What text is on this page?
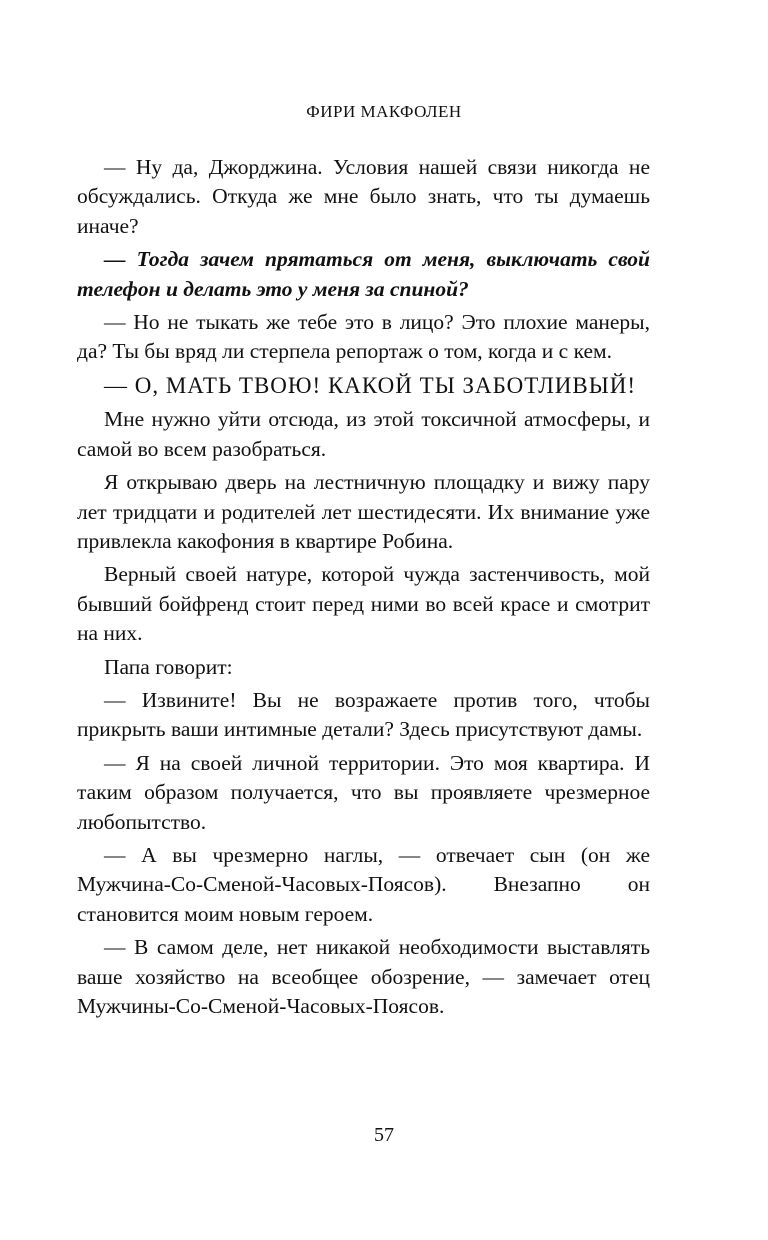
ФИРИ МАКФОЛЕН

— Ну да, Джорджина. Условия нашей связи никогда не обсуждались. Откуда же мне было знать, что ты думаешь иначе?

— Тогда зачем прятаться от меня, выключать свой телефон и делать это у меня за спиной?

— Но не тыкать же тебе это в лицо? Это плохие манеры, да? Ты бы вряд ли стерпела репортаж о том, когда и с кем.

— О, МАТЬ ТВОЮ! КАКОЙ ТЫ ЗАБОТЛИВЫЙ!

Мне нужно уйти отсюда, из этой токсичной атмосферы, и самой во всем разобраться.

Я открываю дверь на лестничную площадку и вижу пару лет тридцати и родителей лет шестидесяти. Их внимание уже привлекла какофония в квартире Робина.

Верный своей натуре, которой чужда застенчивость, мой бывший бойфренд стоит перед ними во всей красе и смотрит на них.

Папа говорит:

— Извините! Вы не возражаете против того, чтобы прикрыть ваши интимные детали? Здесь присутствуют дамы.

— Я на своей личной территории. Это моя квартира. И таким образом получается, что вы проявляете чрезмерное любопытство.

— А вы чрезмерно наглы, — отвечает сын (он же Мужчина-Со-Сменой-Часовых-Поясов). Внезапно он становится моим новым героем.

— В самом деле, нет никакой необходимости выставлять ваше хозяйство на всеобщее обозрение, — замечает отец Мужчины-Со-Сменой-Часовых-Поясов.

57
